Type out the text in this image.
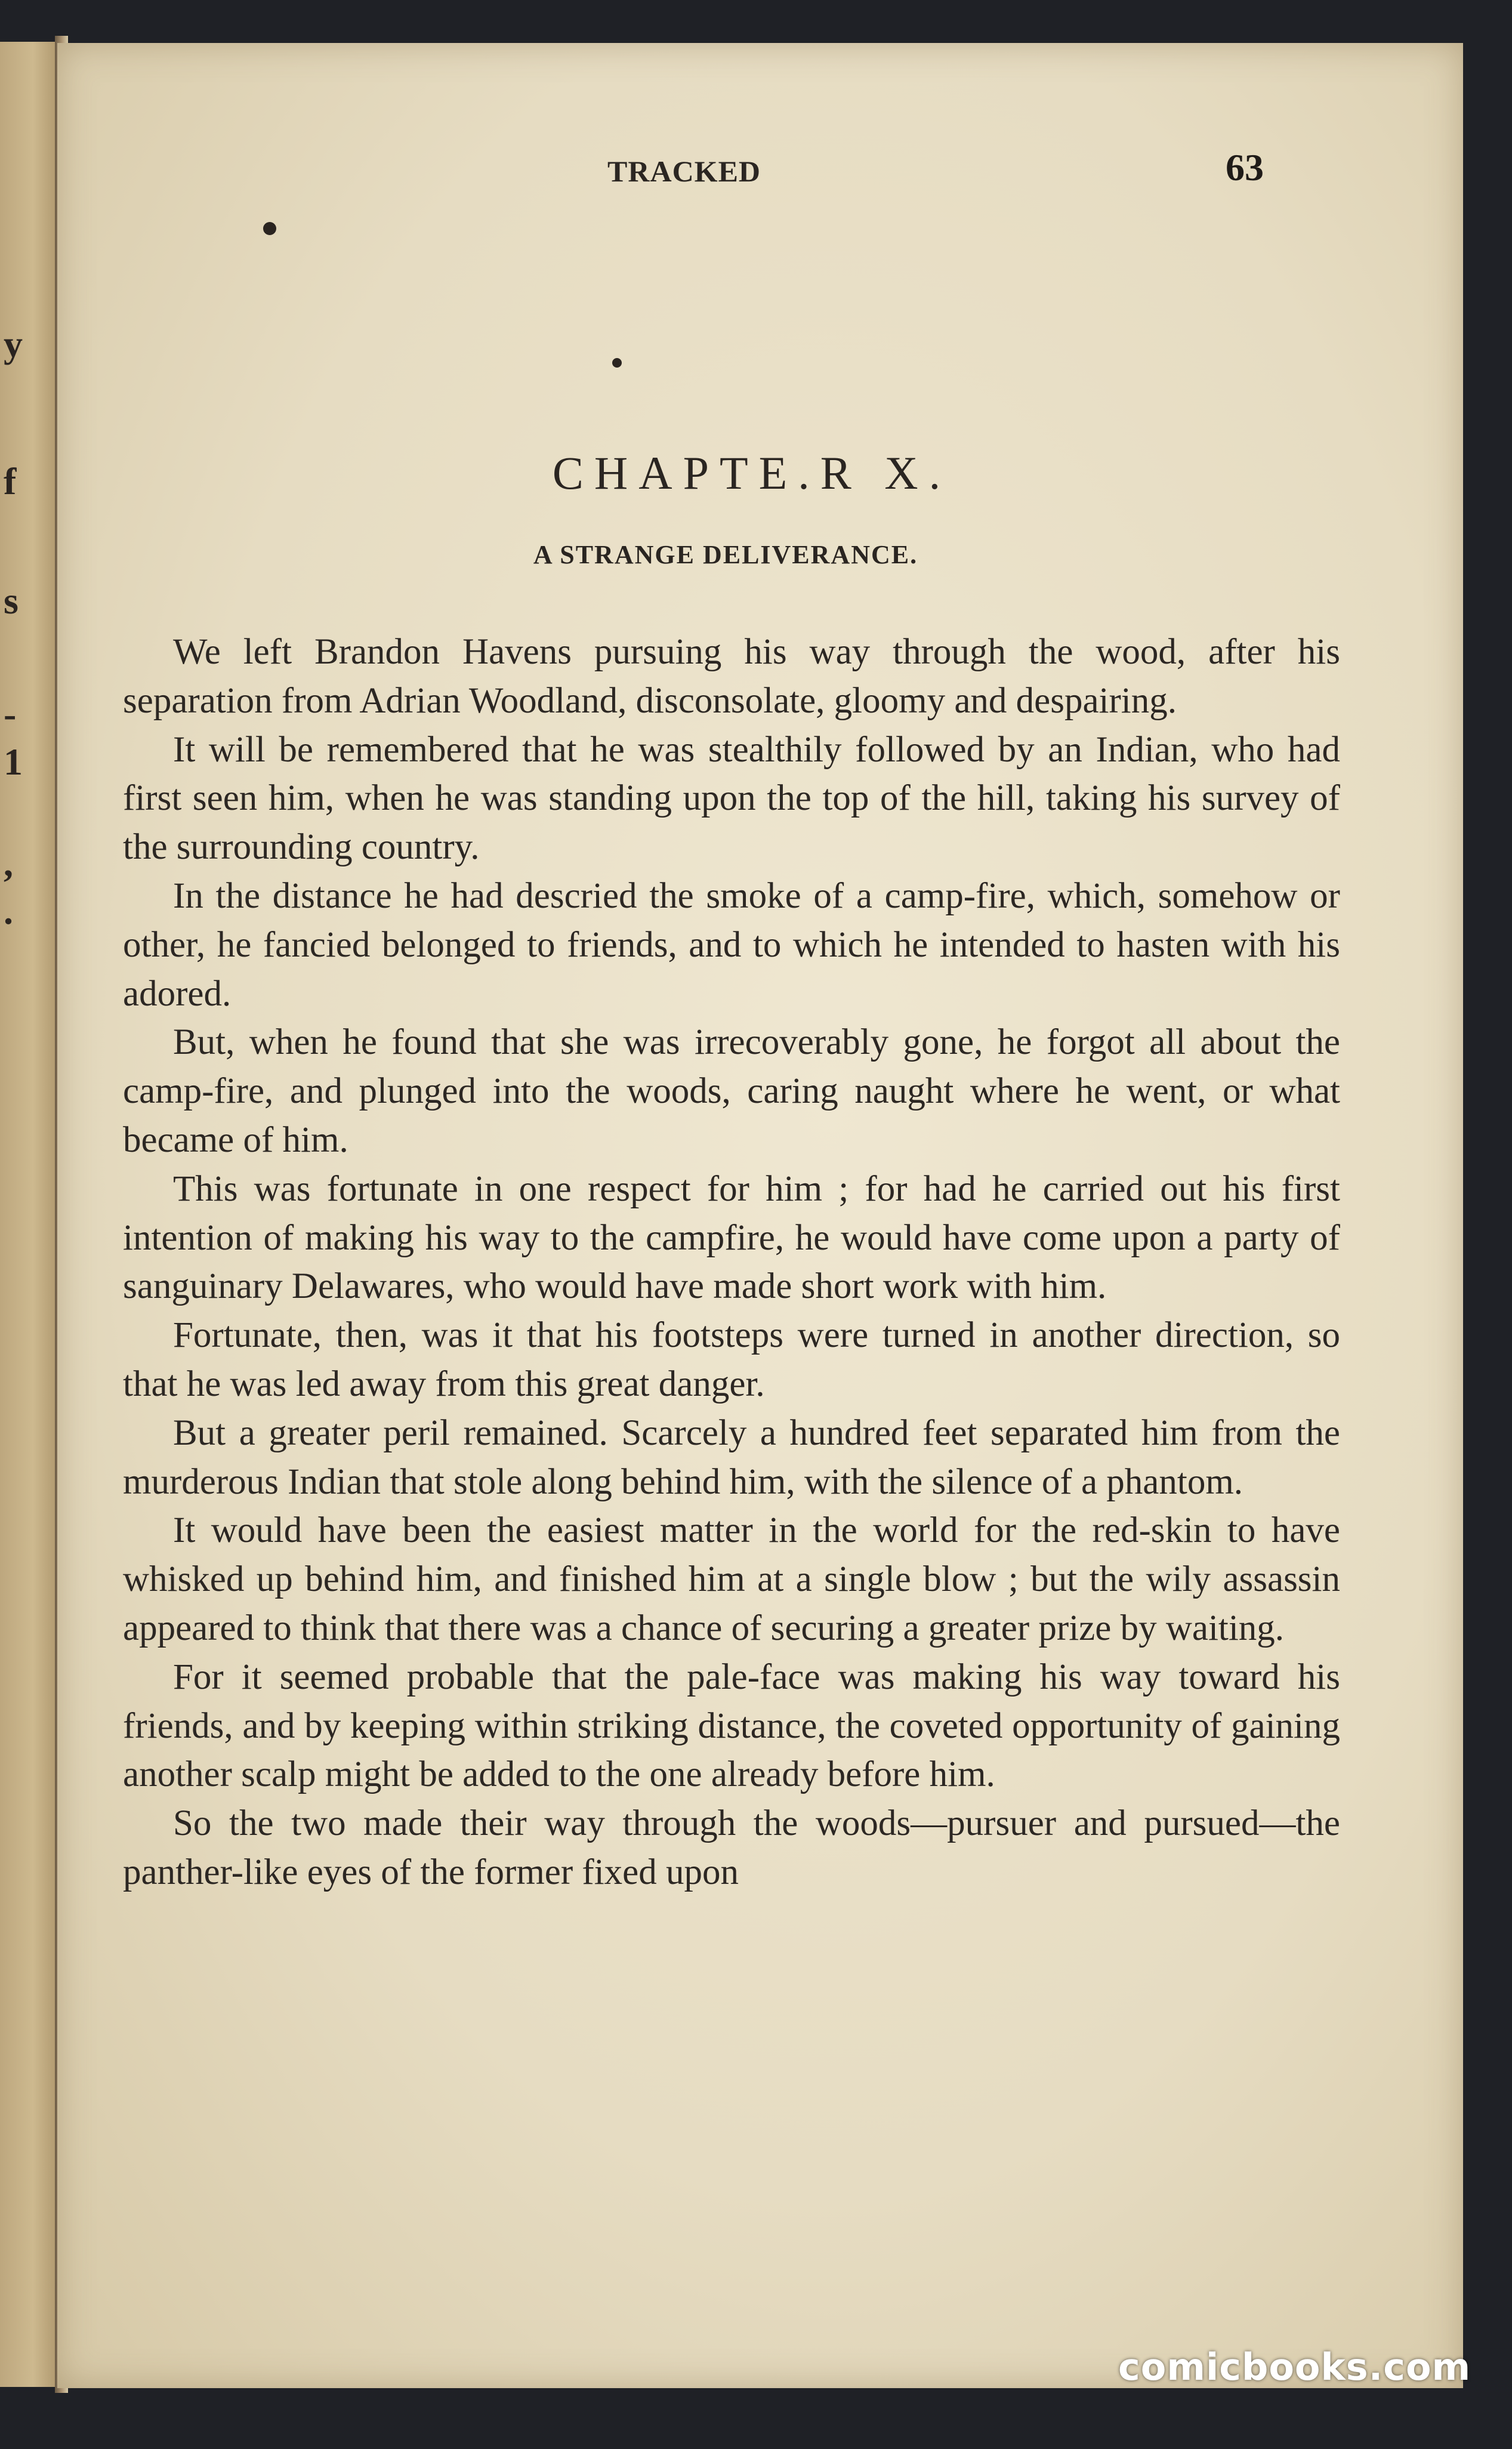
y
f
s
-
1
,
.
TRACKED	63
CHAPTE.R X.
A STRANGE DELIVERANCE.

We left Brandon Havens pursuing his way through the wood, after his separation from Adrian Woodland, disconsolate, gloomy and despairing.

It will be remembered that he was stealthily followed by an Indian, who had first seen him, when he was standing upon the top of the hill, taking his survey of the surrounding country.

In the distance he had descried the smoke of a camp-fire, which, somehow or other, he fancied belonged to friends, and to which he intended to hasten with his adored.

But, when he found that she was irrecoverably gone, he forgot all about the camp-fire, and plunged into the woods, caring naught where he went, or what became of him.

This was fortunate in one respect for him ; for had he carried out his first intention of making his way to the campfire, he would have come upon a party of sanguinary Delawares, who would have made short work with him.

Fortunate, then, was it that his footsteps were turned in another direction, so that he was led away from this great danger.

But a greater peril remained. Scarcely a hundred feet separated him from the murderous Indian that stole along behind him, with the silence of a phantom.

It would have been the easiest matter in the world for the red-skin to have whisked up behind him, and finished him at a single blow ; but the wily assassin appeared to think that there was a chance of securing a greater prize by waiting.

For it seemed probable that the pale-face was making his way toward his friends, and by keeping within striking distance, the coveted opportunity of gaining another scalp might be added to the one already before him.

So the two made their way through the woods—pursuer and pursued—the panther-like eyes of the former fixed upon

comicbooks.com
